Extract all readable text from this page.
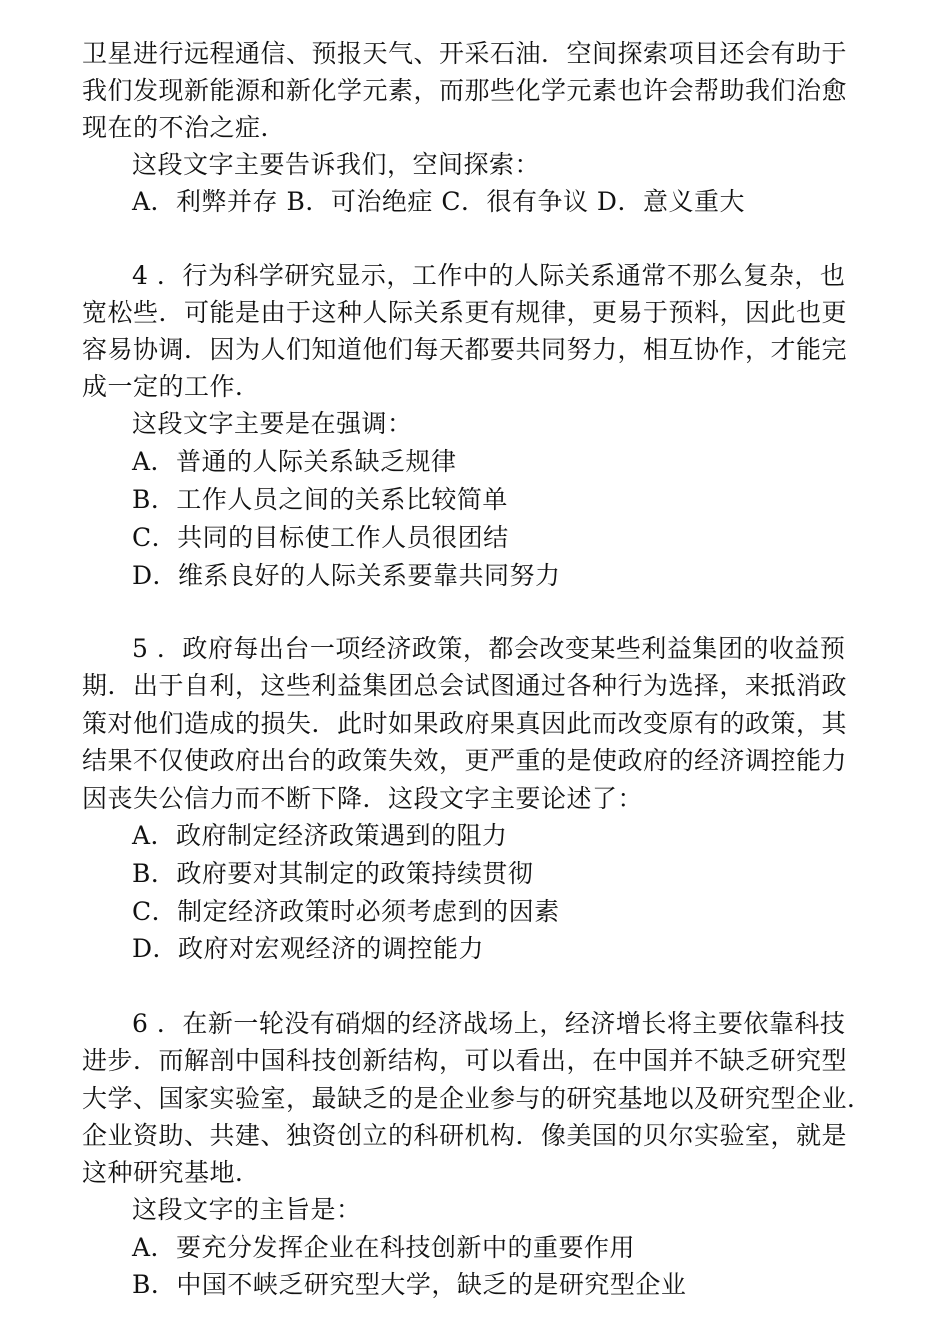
卫星进行远程通信、预报天气、开采石油．空间探索项目还会有助于
我们发现新能源和新化学元素，而那些化学元素也许会帮助我们治愈
现在的不治之症．
这段文字主要告诉我们，空间探索：
A．利弊并存 B．可治绝症 C．很有争议 D．意义重大
4 ．行为科学研究显示，工作中的人际关系通常不那么复杂，也
宽松些．可能是由于这种人际关系更有规律，更易于预料，因此也更
容易协调．因为人们知道他们每天都要共同努力，相互协作，才能完
成一定的工作．
这段文字主要是在强调：
A．普通的人际关系缺乏规律
B．工作人员之间的关系比较简单
C．共同的目标使工作人员很团结
D．维系良好的人际关系要靠共同努力
5 ．政府每出台一项经济政策，都会改变某些利益集团的收益预
期．出于自利，这些利益集团总会试图通过各种行为选择，来抵消政
策对他们造成的损失．此时如果政府果真因此而改变原有的政策，其
结果不仅使政府出台的政策失效，更严重的是使政府的经济调控能力
因丧失公信力而不断下降．这段文字主要论述了：
A．政府制定经济政策遇到的阻力
B．政府要对其制定的政策持续贯彻
C．制定经济政策时必须考虑到的因素
D．政府对宏观经济的调控能力
6 ．在新一轮没有硝烟的经济战场上，经济增长将主要依靠科技
进步．而解剖中国科技创新结构，可以看出，在中国并不缺乏研究型
大学、国家实验室，最缺乏的是企业参与的研究基地以及研究型企业．
企业资助、共建、独资创立的科研机构．像美国的贝尔实验室，就是
这种研究基地．
这段文字的主旨是：
A．要充分发挥企业在科技创新中的重要作用
B．中国不峡乏研究型大学，缺乏的是研究型企业
